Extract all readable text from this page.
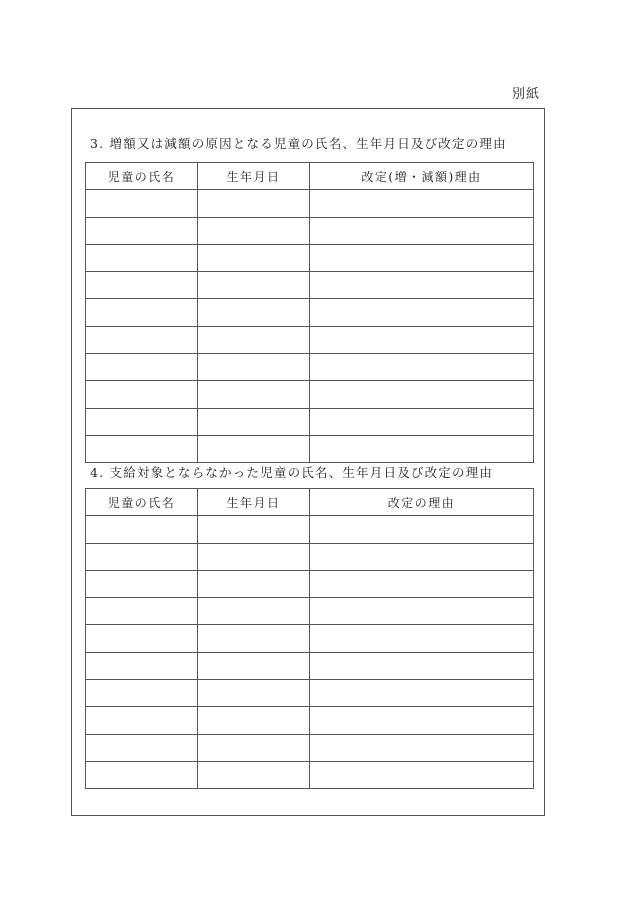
別紙
3. 増額又は減額の原因となる児童の氏名、生年月日及び改定の理由
児童の氏名	生年月日	改定(増・減額)理由

4. 支給対象とならなかった児童の氏名、生年月日及び改定の理由
児童の氏名	生年月日	改定の理由
